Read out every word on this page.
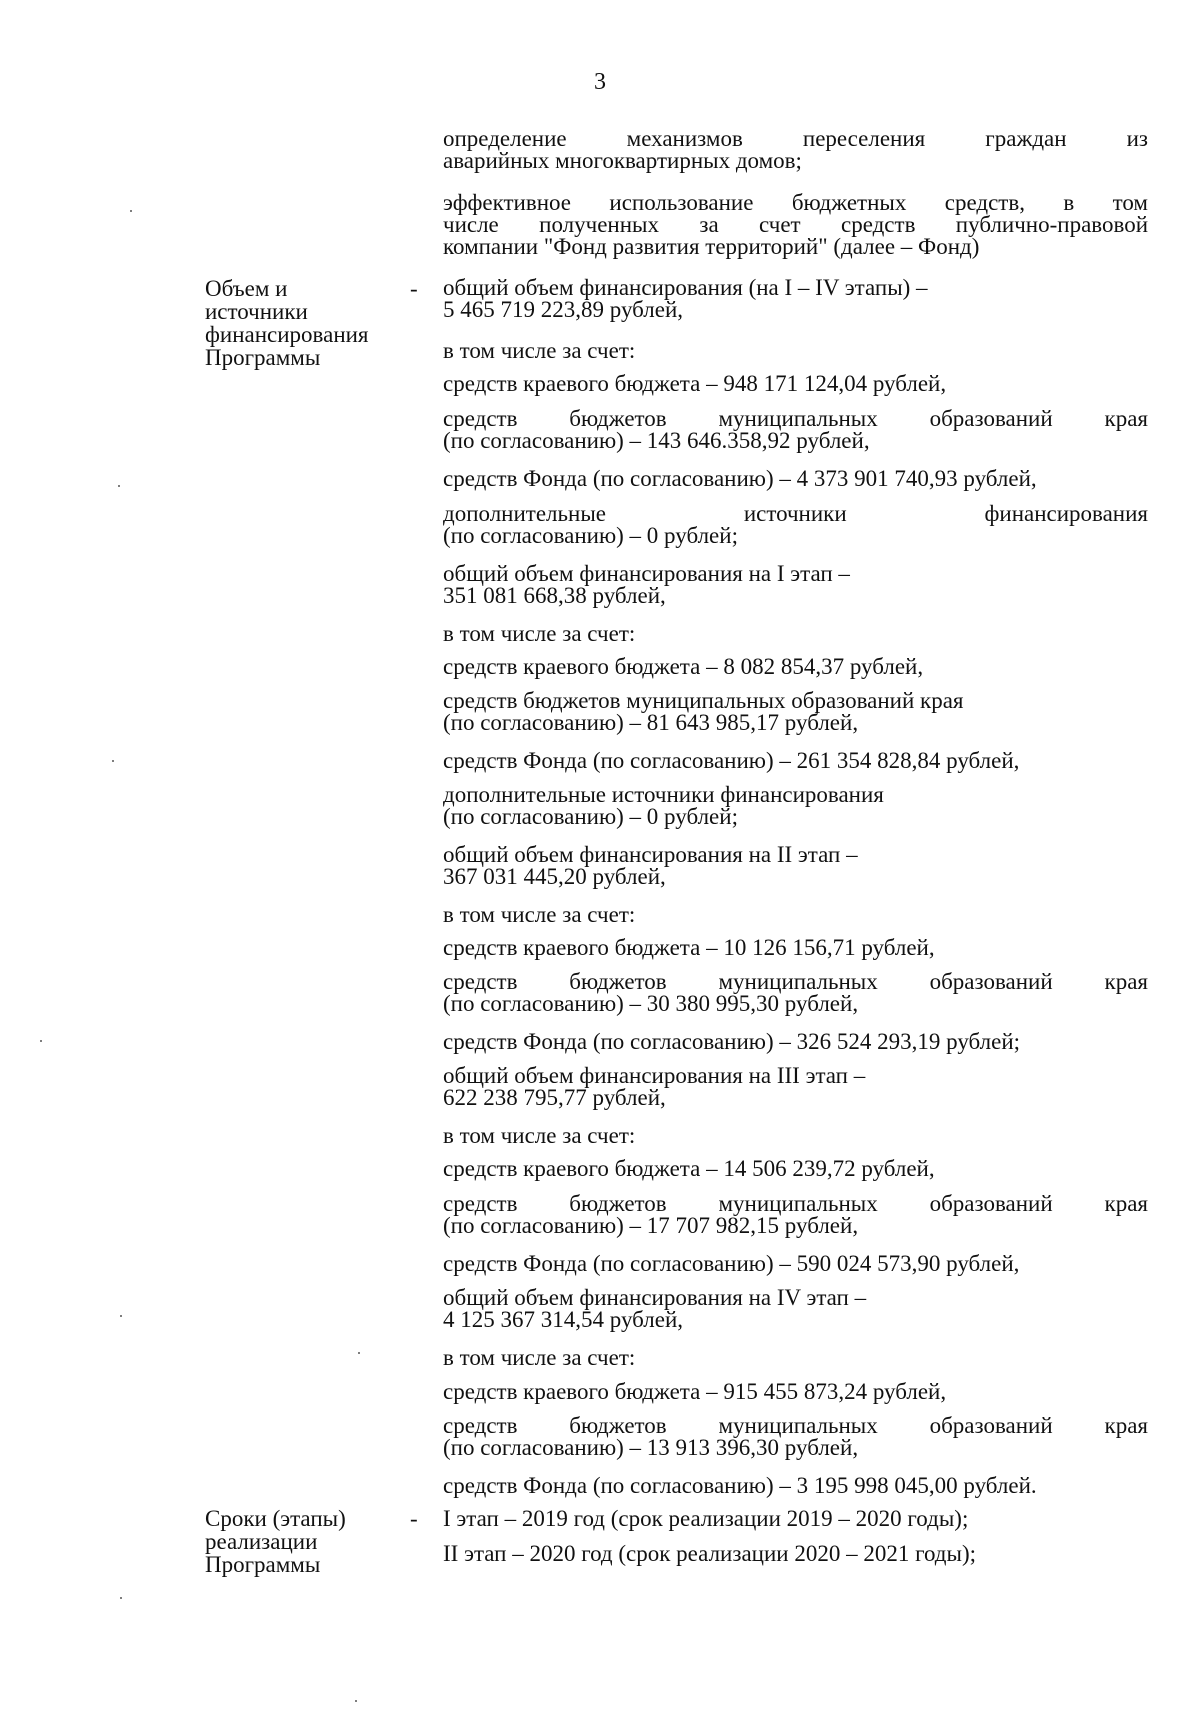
3
Объем и
источники
финансирования
Программы
-
Сроки (этапы)
реализации
Программы
-
определение механизмов переселения граждан из
аварийных многоквартирных домов;
эффективное использование бюджетных средств, в том
числе полученных за счет средств публично-правовой
компании "Фонд развития территорий" (далее – Фонд)
общий объем финансирования (на I – IV этапы) –
5 465 719 223,89 рублей,
в том числе за счет:
средств краевого бюджета – 948 171 124,04 рублей,
средств бюджетов муниципальных образований края
(по согласованию) – 143 646.358,92 рублей,
средств Фонда (по согласованию) – 4 373 901 740,93 рублей,
дополнительные источники финансирования
(по согласованию) – 0 рублей;
общий объем финансирования на I этап –
351 081 668,38 рублей,
в том числе за счет:
средств краевого бюджета – 8 082 854,37 рублей,
средств бюджетов муниципальных образований края
(по согласованию) – 81 643 985,17 рублей,
средств Фонда (по согласованию) – 261 354 828,84 рублей,
дополнительные источники финансирования
(по согласованию) – 0 рублей;
общий объем финансирования на II этап –
367 031 445,20 рублей,
в том числе за счет:
средств краевого бюджета – 10 126 156,71 рублей,
средств бюджетов муниципальных образований края
(по согласованию) – 30 380 995,30 рублей,
средств Фонда (по согласованию) – 326 524 293,19 рублей;
общий объем финансирования на III этап –
622 238 795,77 рублей,
в том числе за счет:
средств краевого бюджета – 14 506 239,72 рублей,
средств бюджетов муниципальных образований края
(по согласованию) – 17 707 982,15 рублей,
средств Фонда (по согласованию) – 590 024 573,90 рублей,
общий объем финансирования на IV этап –
4 125 367 314,54 рублей,
в том числе за счет:
средств краевого бюджета – 915 455 873,24 рублей,
средств бюджетов муниципальных образований края
(по согласованию) – 13 913 396,30 рублей,
средств Фонда (по согласованию) – 3 195 998 045,00 рублей.
I этап – 2019 год (срок реализации 2019 – 2020 годы);
II этап – 2020 год (срок реализации 2020 – 2021 годы);
